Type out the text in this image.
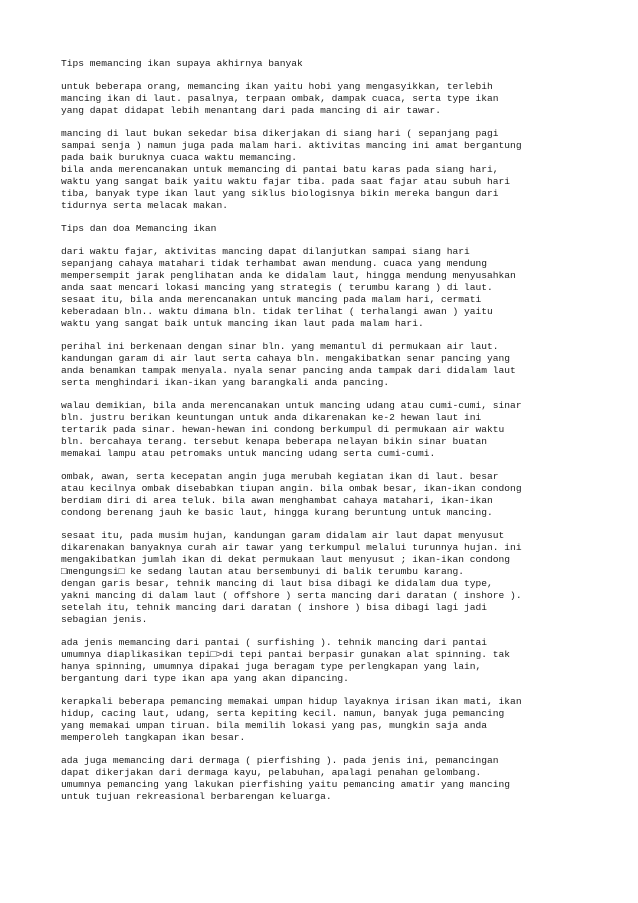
Tips memancing ikan supaya akhirnya banyak
untuk beberapa orang, memancing ikan yaitu hobi yang mengasyikkan, terlebih
mancing ikan di laut. pasalnya, terpaan ombak, dampak cuaca, serta type ikan
yang dapat didapat lebih menantang dari pada mancing di air tawar.
mancing di laut bukan sekedar bisa dikerjakan di siang hari ( sepanjang pagi
sampai senja ) namun juga pada malam hari. aktivitas mancing ini amat bergantung
pada baik buruknya cuaca waktu memancing.
bila anda merencanakan untuk memancing di pantai batu karas pada siang hari,
waktu yang sangat baik yaitu waktu fajar tiba. pada saat fajar atau subuh hari
tiba, banyak type ikan laut yang siklus biologisnya bikin mereka bangun dari
tidurnya serta melacak makan.
Tips dan doa Memancing ikan
dari waktu fajar, aktivitas mancing dapat dilanjutkan sampai siang hari
sepanjang cahaya matahari tidak terhambat awan mendung. cuaca yang mendung
mempersempit jarak penglihatan anda ke didalam laut, hingga mendung menyusahkan
anda saat mencari lokasi mancing yang strategis ( terumbu karang ) di laut.
sesaat itu, bila anda merencanakan untuk mancing pada malam hari, cermati
keberadaan bln.. waktu dimana bln. tidak terlihat ( terhalangi awan ) yaitu
waktu yang sangat baik untuk mancing ikan laut pada malam hari.
perihal ini berkenaan dengan sinar bln. yang memantul di permukaan air laut.
kandungan garam di air laut serta cahaya bln. mengakibatkan senar pancing yang
anda benamkan tampak menyala. nyala senar pancing anda tampak dari didalam laut
serta menghindari ikan-ikan yang barangkali anda pancing.
walau demikian, bila anda merencanakan untuk mancing udang atau cumi-cumi, sinar
bln. justru berikan keuntungan untuk anda dikarenakan ke-2 hewan laut ini
tertarik pada sinar. hewan-hewan ini condong berkumpul di permukaan air waktu
bln. bercahaya terang. tersebut kenapa beberapa nelayan bikin sinar buatan
memakai lampu atau petromaks untuk mancing udang serta cumi-cumi.
ombak, awan, serta kecepatan angin juga merubah kegiatan ikan di laut. besar
atau kecilnya ombak disebabkan tiupan angin. bila ombak besar, ikan-ikan condong
berdiam diri di area teluk. bila awan menghambat cahaya matahari, ikan-ikan
condong berenang jauh ke basic laut, hingga kurang beruntung untuk mancing.
sesaat itu, pada musim hujan, kandungan garam didalam air laut dapat menyusut
dikarenakan banyaknya curah air tawar yang terkumpul melalui turunnya hujan. ini
mengakibatkan jumlah ikan di dekat permukaan laut menyusut ; ikan-ikan condong
□mengungsi□ ke sedang lautan atau bersembunyi di balik terumbu karang.
dengan garis besar, tehnik mancing di laut bisa dibagi ke didalam dua type,
yakni mancing di dalam laut ( offshore ) serta mancing dari daratan ( inshore ).
setelah itu, tehnik mancing dari daratan ( inshore ) bisa dibagi lagi jadi
sebagian jenis.
ada jenis memancing dari pantai ( surfishing ). tehnik mancing dari pantai
umumnya diaplikasikan tepi□>di tepi pantai berpasir gunakan alat spinning. tak
hanya spinning, umumnya dipakai juga beragam type perlengkapan yang lain,
bergantung dari type ikan apa yang akan dipancing.
kerapkali beberapa pemancing memakai umpan hidup layaknya irisan ikan mati, ikan
hidup, cacing laut, udang, serta kepiting kecil. namun, banyak juga pemancing
yang memakai umpan tiruan. bila memilih lokasi yang pas, mungkin saja anda
memperoleh tangkapan ikan besar.
ada juga memancing dari dermaga ( pierfishing ). pada jenis ini, pemancingan
dapat dikerjakan dari dermaga kayu, pelabuhan, apalagi penahan gelombang.
umumnya pemancing yang lakukan pierfishing yaitu pemancing amatir yang mancing
untuk tujuan rekreasional berbarengan keluarga.
